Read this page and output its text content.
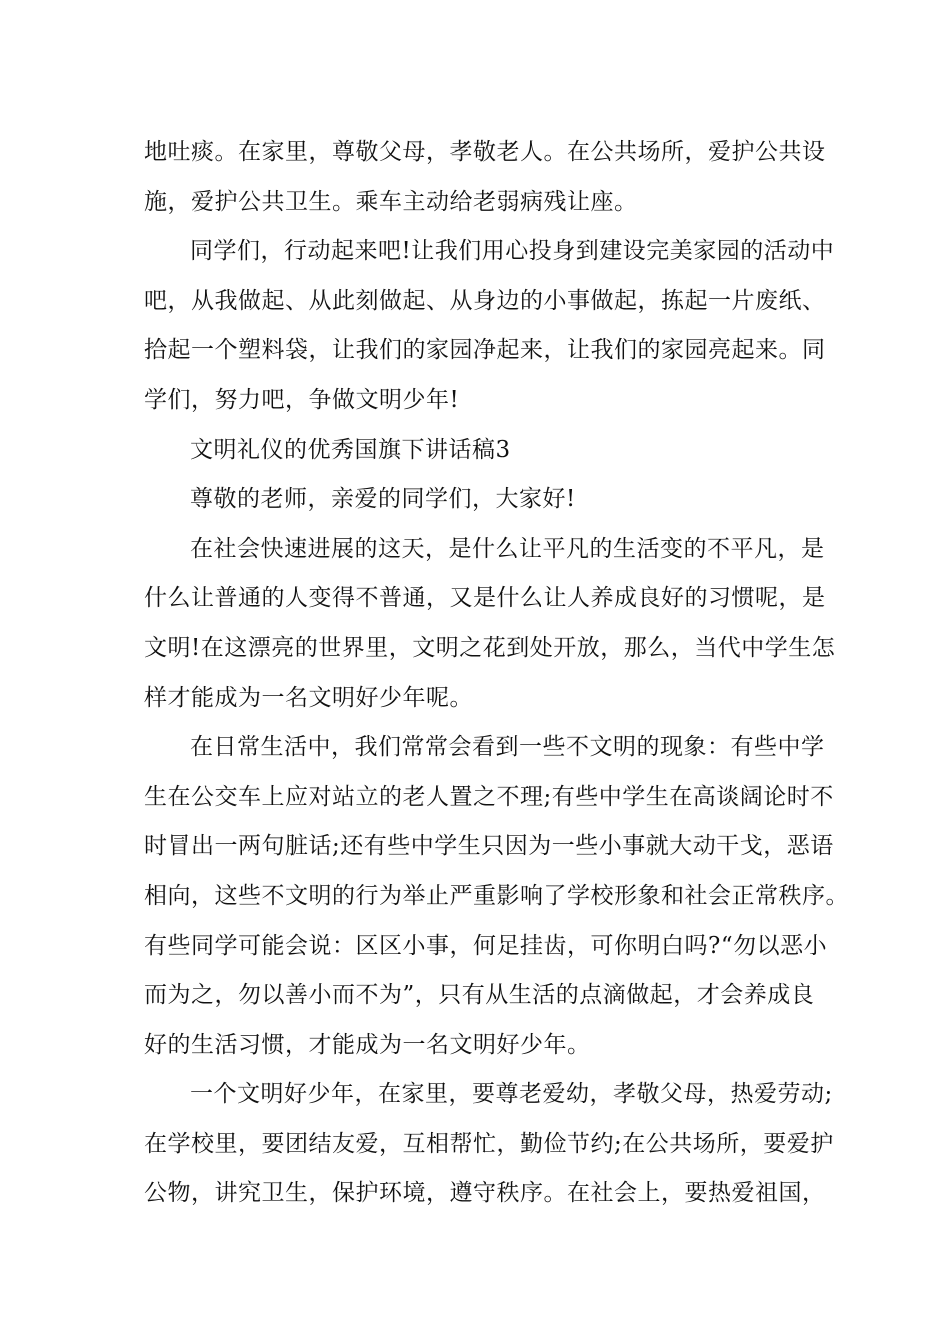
地吐痰。在家里，尊敬父母，孝敬老人。在公共场所，爱护公共设
施，爱护公共卫生。乘车主动给老弱病残让座。
同学们，行动起来吧!让我们用心投身到建设完美家园的活动中
吧，从我做起、从此刻做起、从身边的小事做起，拣起一片废纸、
拾起一个塑料袋，让我们的家园净起来，让我们的家园亮起来。同
学们，努力吧，争做文明少年!
文明礼仪的优秀国旗下讲话稿3
尊敬的老师，亲爱的同学们，大家好!
在社会快速进展的这天，是什么让平凡的生活变的不平凡，是
什么让普通的人变得不普通，又是什么让人养成良好的习惯呢，是
文明!在这漂亮的世界里，文明之花到处开放，那么，当代中学生怎
样才能成为一名文明好少年呢。
在日常生活中，我们常常会看到一些不文明的现象：有些中学
生在公交车上应对站立的老人置之不理;有些中学生在高谈阔论时不
时冒出一两句脏话;还有些中学生只因为一些小事就大动干戈，恶语
相向，这些不文明的行为举止严重影响了学校形象和社会正常秩序。
有些同学可能会说：区区小事，何足挂齿，可你明白吗?“勿以恶小
而为之，勿以善小而不为”，只有从生活的点滴做起，才会养成良
好的生活习惯，才能成为一名文明好少年。
一个文明好少年，在家里，要尊老爱幼，孝敬父母，热爱劳动;
在学校里，要团结友爱，互相帮忙，勤俭节约;在公共场所，要爱护
公物，讲究卫生，保护环境，遵守秩序。在社会上，要热爱祖国，
